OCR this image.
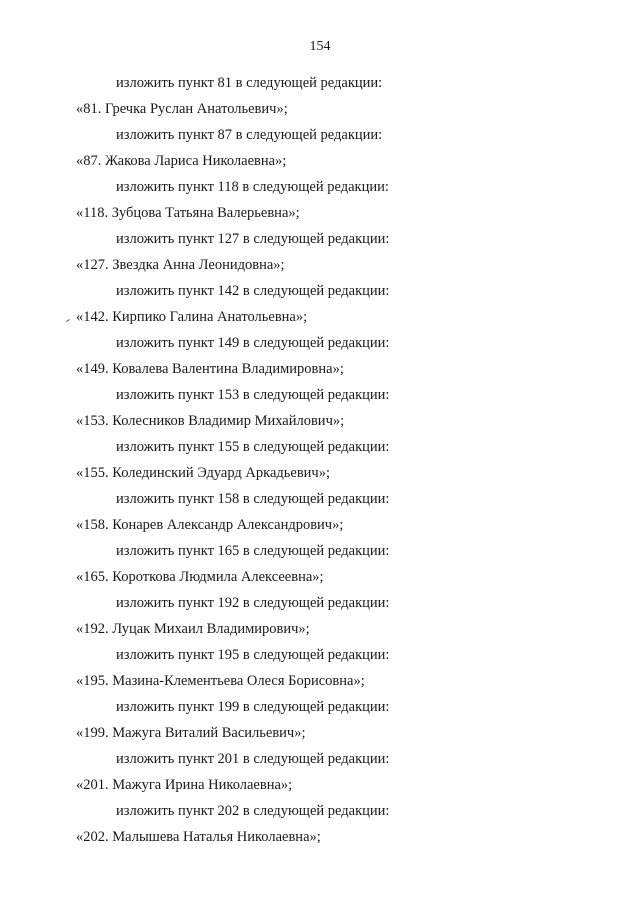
154
изложить пункт 81 в следующей редакции:
«81. Гречка Руслан Анатольевич»;
изложить пункт 87 в следующей редакции:
«87. Жакова Лариса Николаевна»;
изложить пункт 118 в следующей редакции:
«118. Зубцова Татьяна Валерьевна»;
изложить пункт 127 в следующей редакции:
«127. Звездка Анна Леонидовна»;
изложить пункт 142 в следующей редакции:
«142. Кирпико Галина Анатольевна»;
изложить пункт 149 в следующей редакции:
«149. Ковалева Валентина Владимировна»;
изложить пункт 153 в следующей редакции:
«153. Колесников Владимир Михайлович»;
изложить пункт 155 в следующей редакции:
«155. Колединский Эдуард Аркадьевич»;
изложить пункт 158 в следующей редакции:
«158. Конарев Александр Александрович»;
изложить пункт 165 в следующей редакции:
«165. Короткова Людмила Алексеевна»;
изложить пункт 192 в следующей редакции:
«192. Луцак Михаил Владимирович»;
изложить пункт 195 в следующей редакции:
«195. Мазина-Клементьева Олеся Борисовна»;
изложить пункт 199 в следующей редакции:
«199. Мажуга Виталий Васильевич»;
изложить пункт 201 в следующей редакции:
«201. Мажуга Ирина Николаевна»;
изложить пункт 202 в следующей редакции:
«202. Малышева Наталья Николаевна»;
